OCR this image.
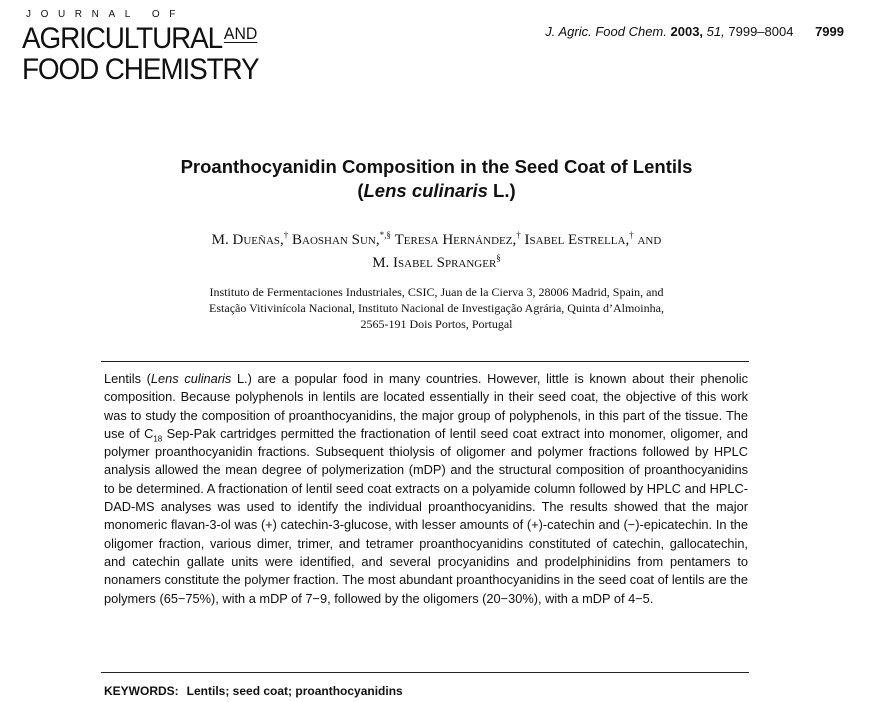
JOURNAL OF
AGRICULTURAL $^{AND}$
FOOD CHEMISTRY
J. Agric. Food Chem. 2003, 51, 7999–8004 7999
Proanthocyanidin Composition in the Seed Coat of Lentils
(Lens culinaris L.)
M. Dueñas,† Baoshan Sun,*,§ Teresa Hernández,† Isabel Estrella,† and
M. Isabel Spranger§
Instituto de Fermentaciones Industriales, CSIC, Juan de la Cierva 3, 28006 Madrid, Spain, and
Estação Vitivinícola Nacional, Instituto Nacional de Investigação Agrária, Quinta d’Almoinha,
2565-191 Dois Portos, Portugal
Lentils (Lens culinaris L.) are a popular food in many countries. However, little is known about their phenolic composition. Because polyphenols in lentils are located essentially in their seed coat, the objective of this work was to study the composition of proanthocyanidins, the major group of polyphenols, in this part of the tissue. The use of $C_{18}$ Sep-Pak cartridges permitted the fractionation of lentil seed coat extract into monomer, oligomer, and polymer proanthocyanidin fractions. Subsequent thiolysis of oligomer and polymer fractions followed by HPLC analysis allowed the mean degree of polymerization (mDP) and the structural composition of proanthocyanidins to be determined. A fractionation of lentil seed coat extracts on a polyamide column followed by HPLC and HPLC-DAD-MS analyses was used to identify the individual proanthocyanidins. The results showed that the major monomeric flavan-3-ol was (+) catechin-3-glucose, with lesser amounts of (+)-catechin and (−)-epicatechin. In the oligomer fraction, various dimer, trimer, and tetramer proanthocyanidins constituted of catechin, gallocatechin, and catechin gallate units were identified, and several procyanidins and prodelphinidins from pentamers to nonamers constitute the polymer fraction. The most abundant proanthocyanidins in the seed coat of lentils are the polymers (65−75%), with a mDP of 7−9, followed by the oligomers (20−30%), with a mDP of 4−5.
KEYWORDS: Lentils; seed coat; proanthocyanidins
